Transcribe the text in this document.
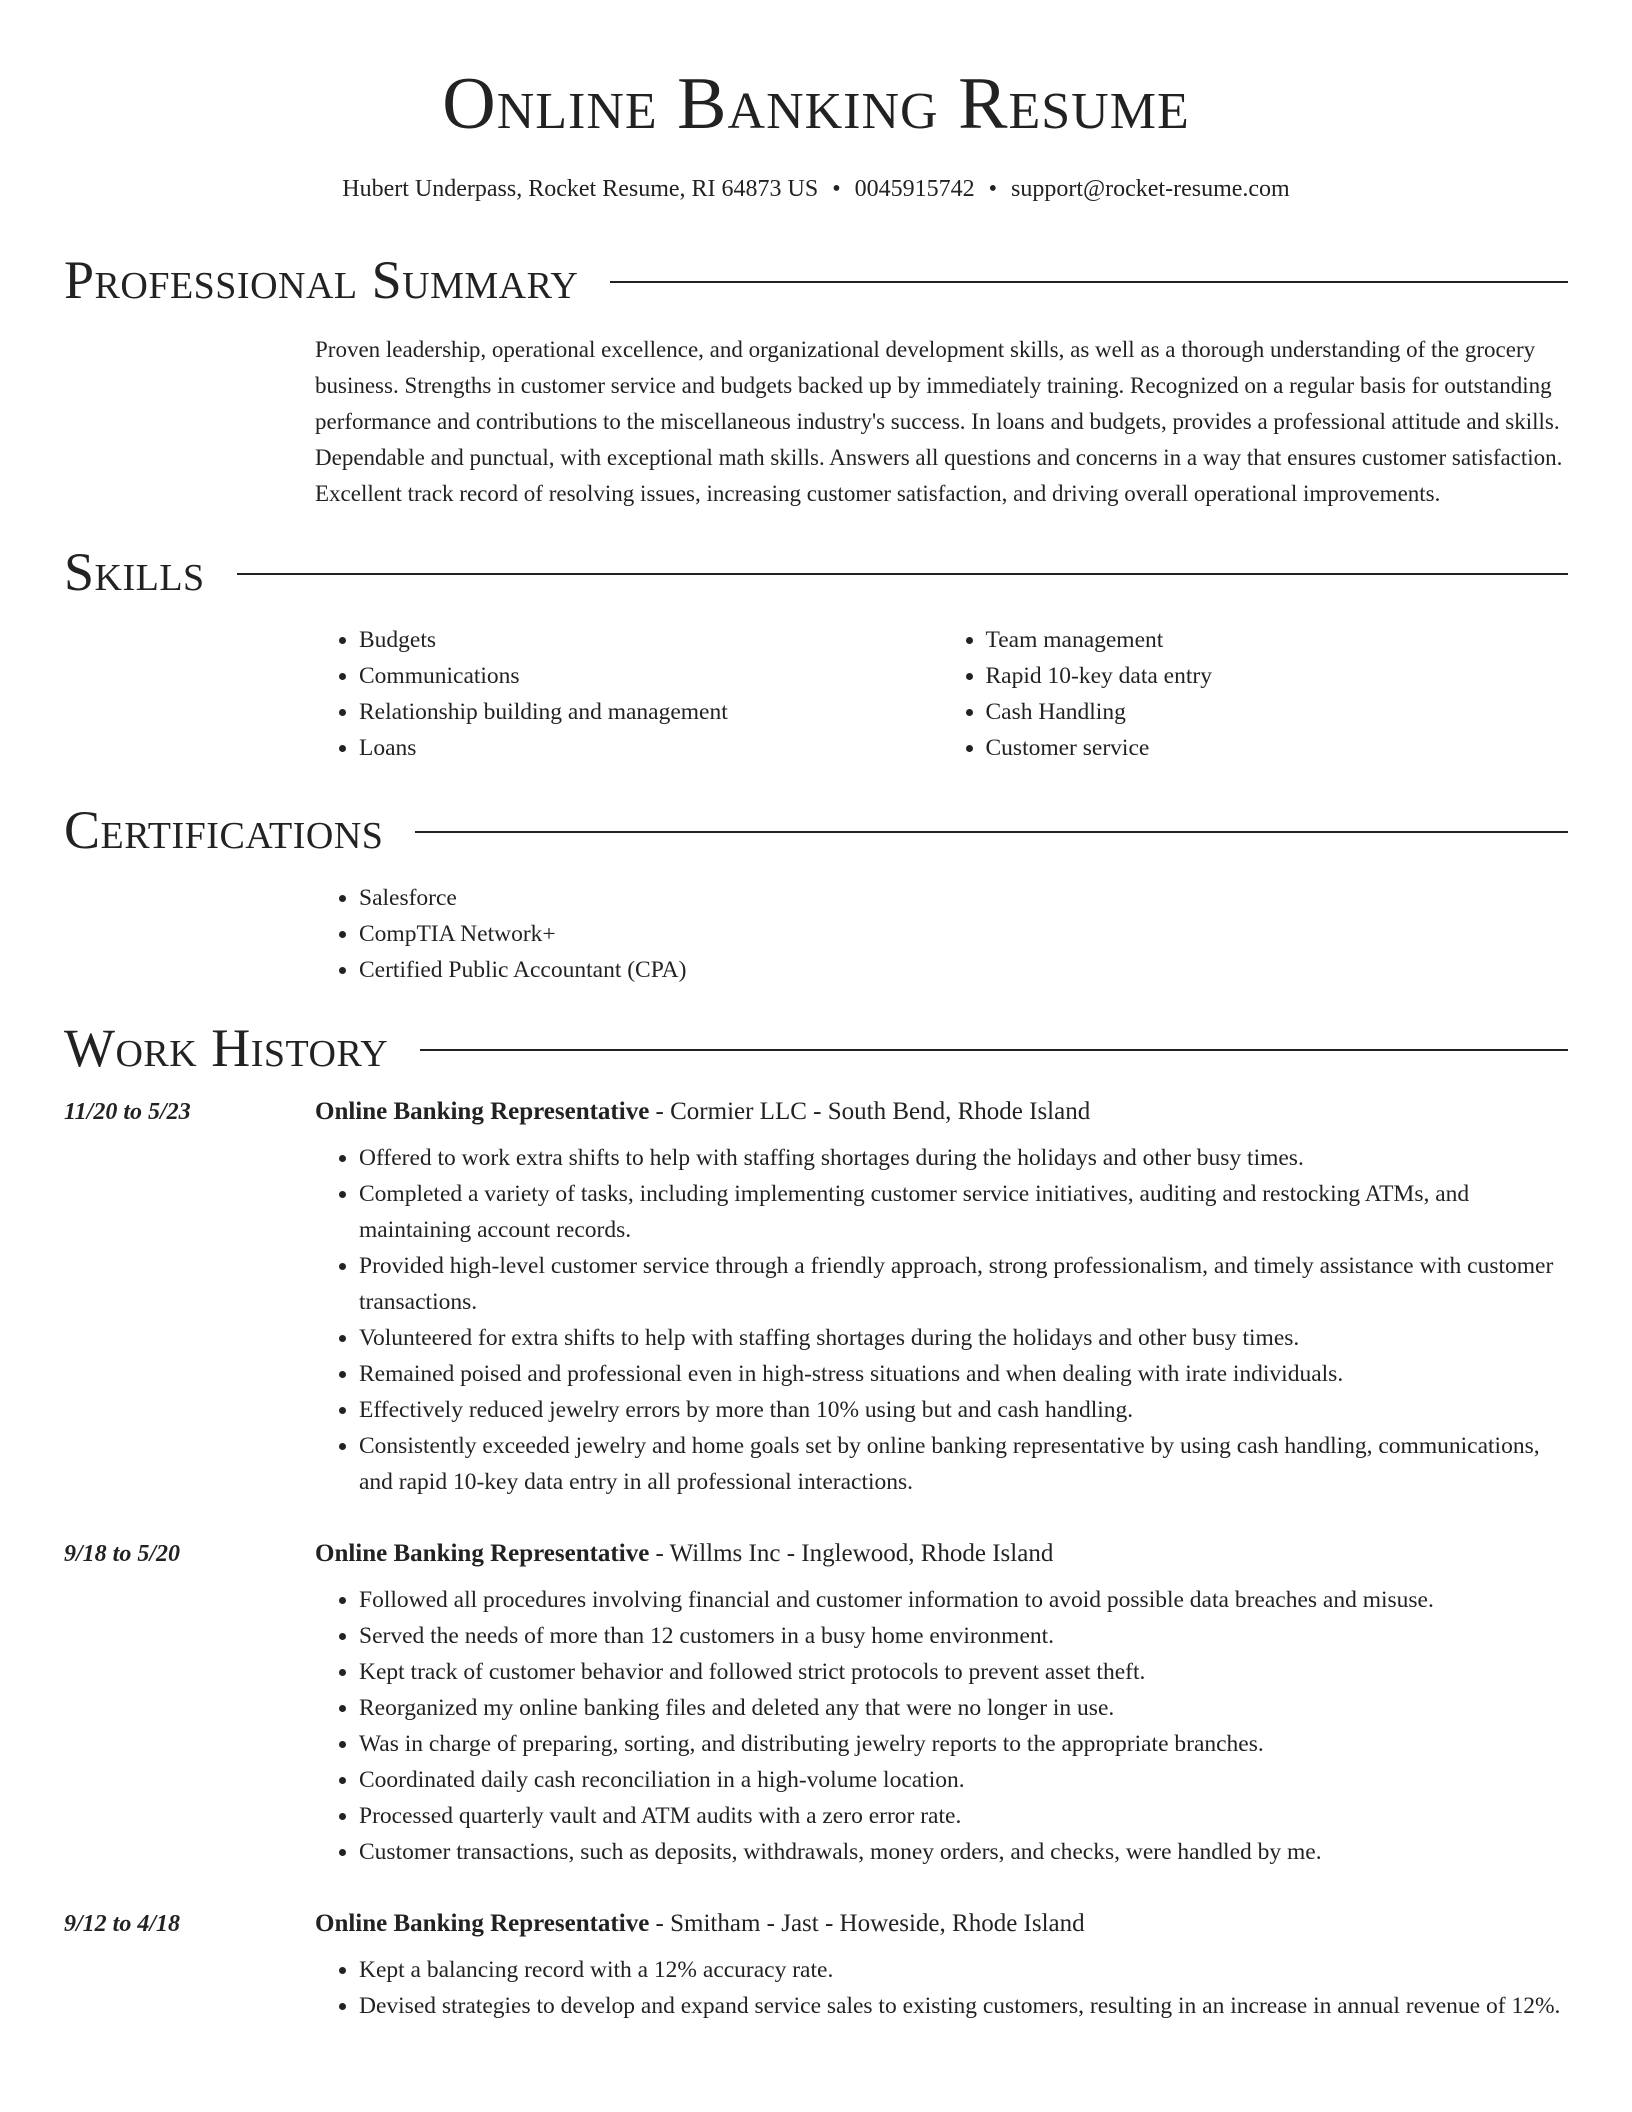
Online Banking Resume
Hubert Underpass, Rocket Resume, RI 64873 US • 0045915742 • support@rocket-resume.com
Professional Summary

Proven leadership, operational excellence, and organizational development skills, as well as a thorough understanding of the grocery business. Strengths in customer service and budgets backed up by immediately training. Recognized on a regular basis for outstanding performance and contributions to the miscellaneous industry's success. In loans and budgets, provides a professional attitude and skills. Dependable and punctual, with exceptional math skills. Answers all questions and concerns in a way that ensures customer satisfaction. Excellent track record of resolving issues, increasing customer satisfaction, and driving overall operational improvements.

Skills
• Budgets
• Communications
• Relationship building and management
• Loans
• Team management
• Rapid 10-key data entry
• Cash Handling
• Customer service
Certifications
• Salesforce
• CompTIA Network+
• Certified Public Accountant (CPA)
Work History
11/20 to 5/23	Online Banking Representative - Cormier LLC - South Bend, Rhode Island
• Offered to work extra shifts to help with staffing shortages during the holidays and other busy times.
• Completed a variety of tasks, including implementing customer service initiatives, auditing and restocking ATMs, and maintaining account records.
• Provided high-level customer service through a friendly approach, strong professionalism, and timely assistance with customer transactions.
• Volunteered for extra shifts to help with staffing shortages during the holidays and other busy times.
• Remained poised and professional even in high-stress situations and when dealing with irate individuals.
• Effectively reduced jewelry errors by more than 10% using but and cash handling.
• Consistently exceeded jewelry and home goals set by online banking representative by using cash handling, communications, and rapid 10-key data entry in all professional interactions.
9/18 to 5/20	Online Banking Representative - Willms Inc - Inglewood, Rhode Island
• Followed all procedures involving financial and customer information to avoid possible data breaches and misuse.
• Served the needs of more than 12 customers in a busy home environment.
• Kept track of customer behavior and followed strict protocols to prevent asset theft.
• Reorganized my online banking files and deleted any that were no longer in use.
• Was in charge of preparing, sorting, and distributing jewelry reports to the appropriate branches.
• Coordinated daily cash reconciliation in a high-volume location.
• Processed quarterly vault and ATM audits with a zero error rate.
• Customer transactions, such as deposits, withdrawals, money orders, and checks, were handled by me.
9/12 to 4/18	Online Banking Representative - Smitham - Jast - Howeside, Rhode Island
• Kept a balancing record with a 12% accuracy rate.
• Devised strategies to develop and expand service sales to existing customers, resulting in an increase in annual revenue of 12%.
